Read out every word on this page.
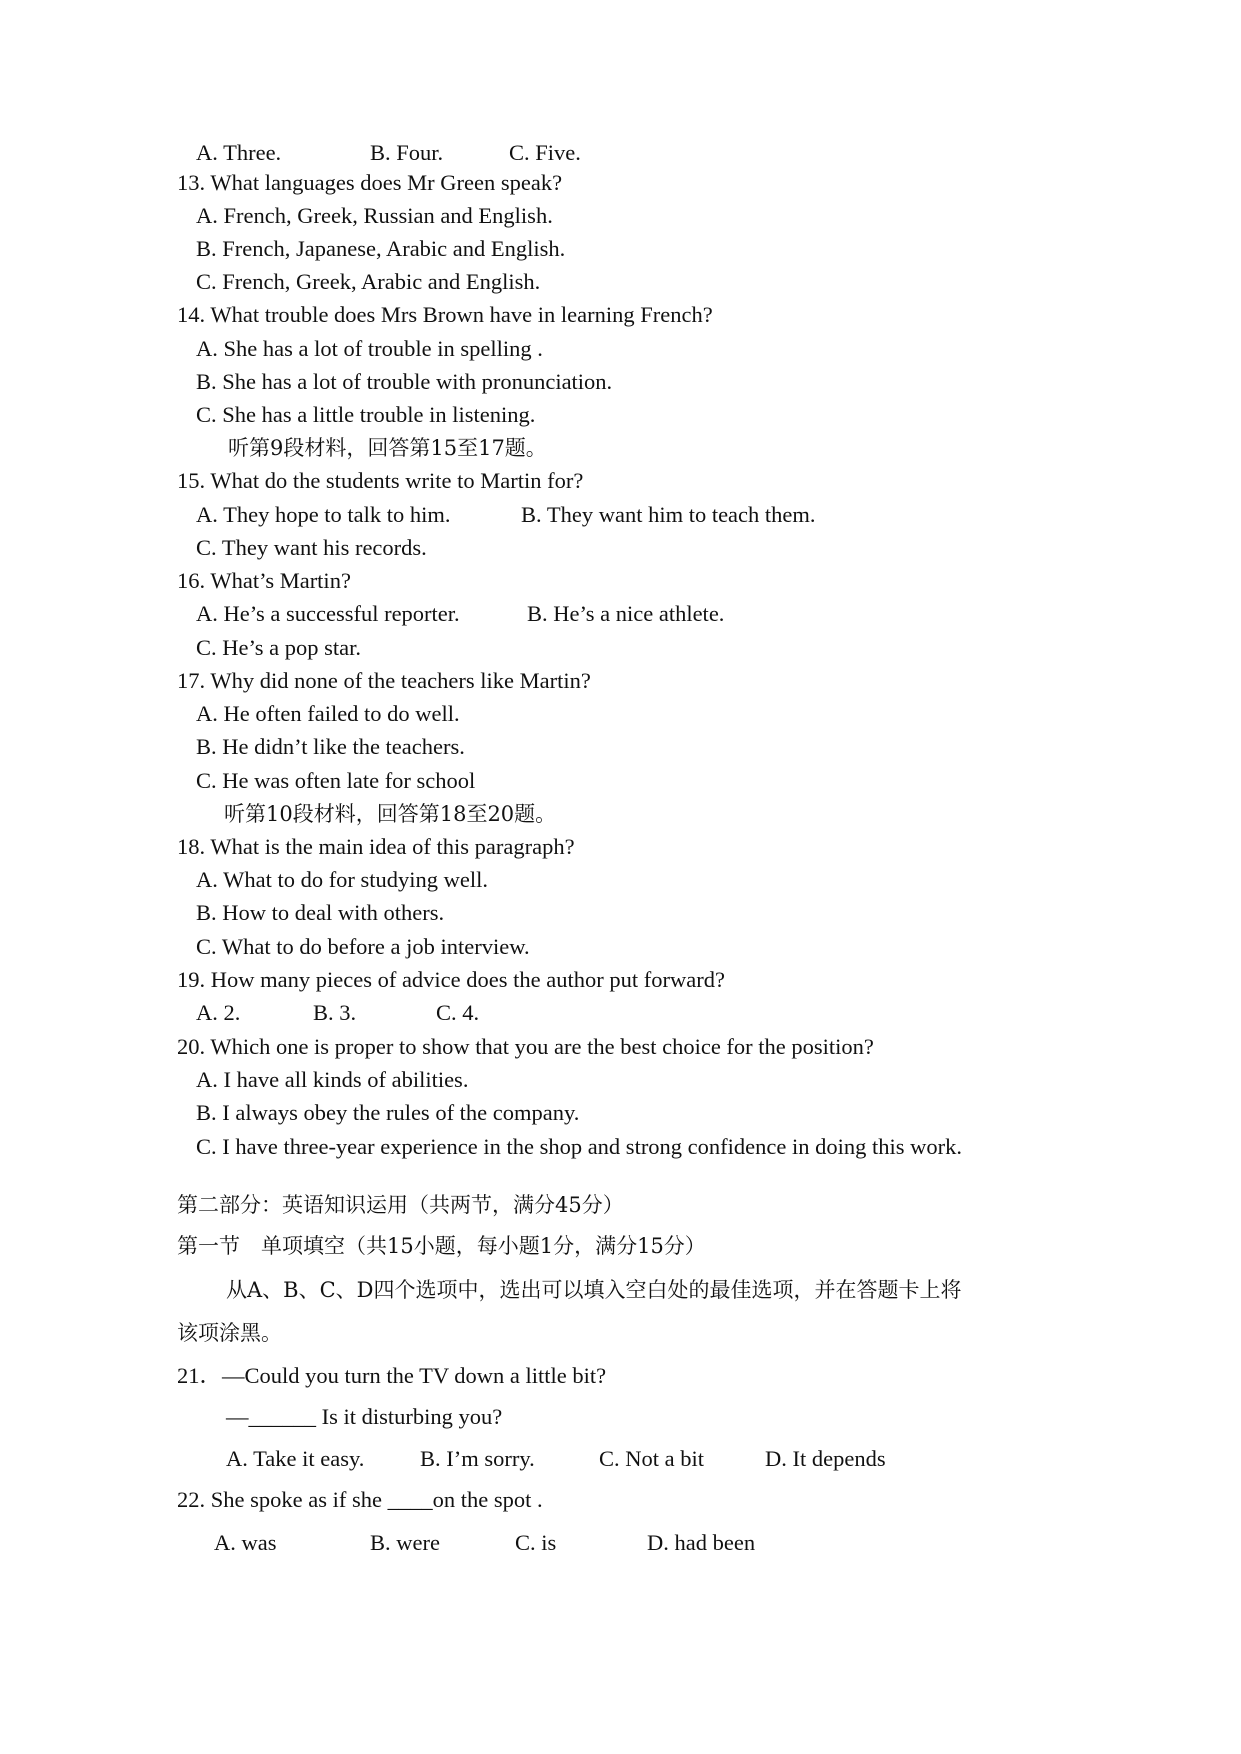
A. Three.	B. Four.	C. Five.
13. What languages does Mr Green speak?
A. French, Greek, Russian and English.
B. French, Japanese, Arabic and English.
C. French, Greek, Arabic and English.
14. What trouble does Mrs Brown have in learning French?
A. She has a lot of trouble in spelling .
B. She has a lot of trouble with pronunciation.
C. She has a little trouble in listening.
听第9段材料，回答第15至17题。
15. What do the students write to Martin for?
A. They hope to talk to him.	B. They want him to teach them.
C. They want his records.
16. What’s Martin?
A. He’s a successful reporter.	B. He’s a nice athlete.
C. He’s a pop star.
17. Why did none of the teachers like Martin?
A. He often failed to do well.
B. He didn’t like the teachers.
C. He was often late for school
听第10段材料，回答第18至20题。
18. What is the main idea of this paragraph?
A. What to do for studying well.
B. How to deal with others.
C. What to do before a job interview.
19. How many pieces of advice does the author put forward?
A. 2.	B. 3.	C. 4.
20. Which one is proper to show that you are the best choice for the position?
A. I have all kinds of abilities.
B. I always obey the rules of the company.
C. I have three-year experience in the shop and strong confidence in doing this work.
第二部分：英语知识运用（共两节，满分45分）
第一节　单项填空（共15小题，每小题1分，满分15分）
从A、B、C、D四个选项中，选出可以填入空白处的最佳选项，并在答题卡上将
该项涂黑。
21．—Could you turn the TV down a little bit?
—______ Is it disturbing you?
A. Take it easy. B. I’m sorry.	C. Not a bit	D. It depends
22. She spoke as if she ____on the spot .
A. was	B. were	C. is	D. had been
